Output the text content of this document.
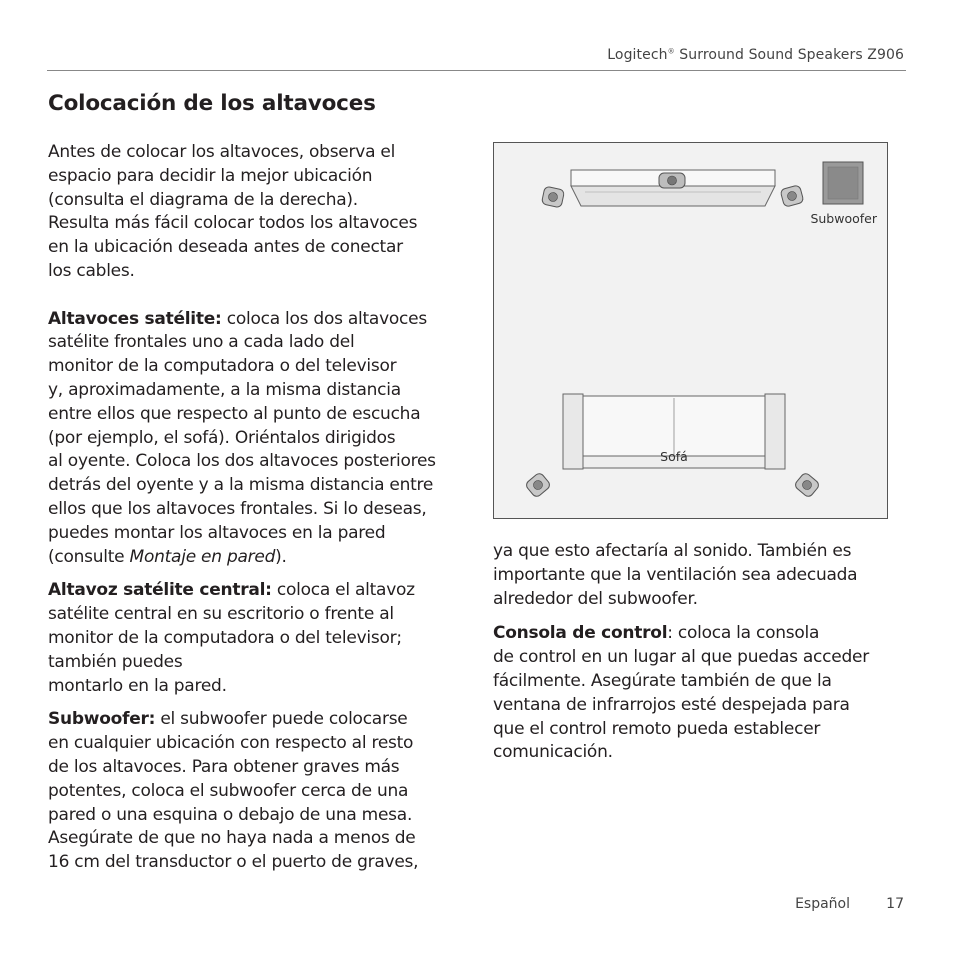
Logitech® Surround Sound Speakers Z906
Colocación de los altavoces

Antes de colocar los altavoces, observa el
espacio para decidir la mejor ubicación
(consulta el diagrama de la derecha).
Resulta más fácil colocar todos los altavoces
en la ubicación deseada antes de conectar
los cables.

Altavoces satélite: coloca los dos altavoces
satélite frontales uno a cada lado del
monitor de la computadora o del televisor
y, aproximadamente, a la misma distancia
entre ellos que respecto al punto de escucha
(por ejemplo, el sofá). Oriéntalos dirigidos
al oyente. Coloca los dos altavoces posteriores
detrás del oyente y a la misma distancia entre
ellos que los altavoces frontales. Si lo deseas,
puedes montar los altavoces en la pared
(consulte Montaje en pared).

Altavoz satélite central: coloca el altavoz
satélite central en su escritorio o frente al
monitor de la computadora o del televisor;
también puedes
montarlo en la pared.

Subwoofer: el subwoofer puede colocarse
en cualquier ubicación con respecto al resto
de los altavoces. Para obtener graves más
potentes, coloca el subwoofer cerca de una
pared o una esquina o debajo de una mesa.
Asegúrate de que no haya nada a menos de
16 cm del transductor o el puerto de graves,

Subwoofer
Sofá

ya que esto afectaría al sonido. También es
importante que la ventilación sea adecuada
alrededor del subwoofer.

Consola de control: coloca la consola
de control en un lugar al que puedas acceder
fácilmente. Asegúrate también de que la
ventana de infrarrojos esté despejada para
que el control remoto pueda establecer
comunicación.

Español	17
